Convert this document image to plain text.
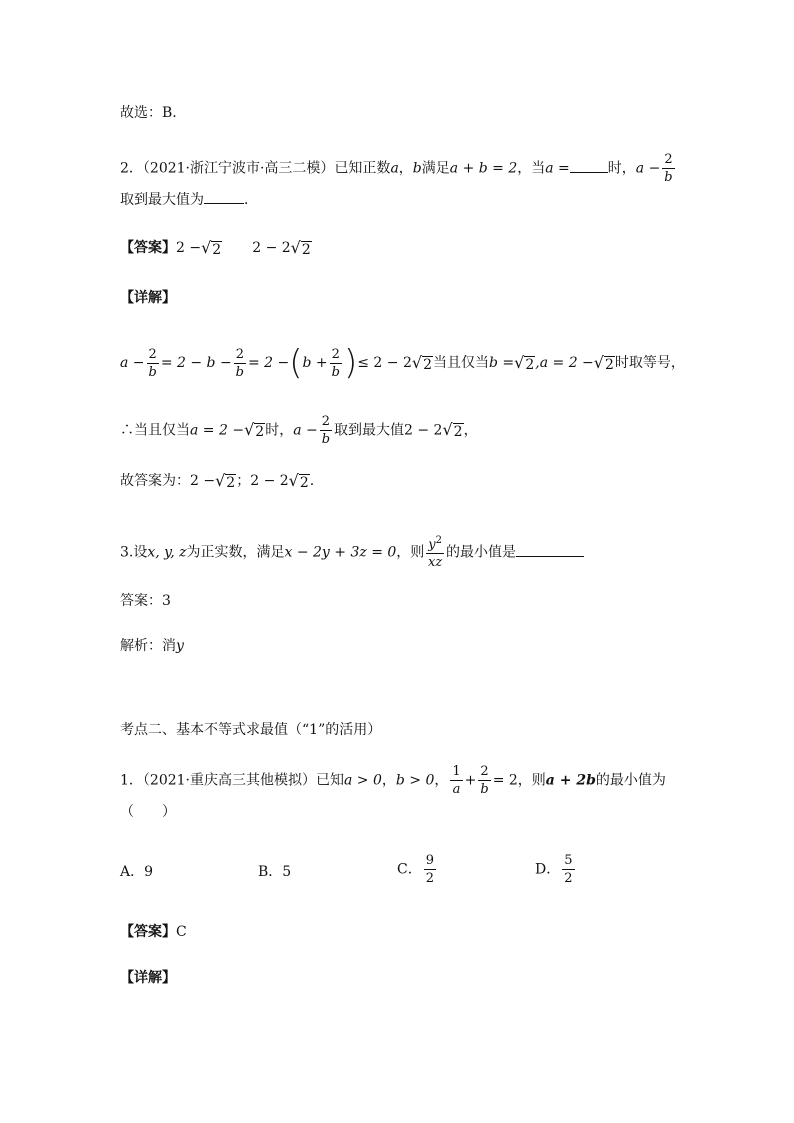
故选：B.
2．（2021·浙江宁波市·高三二模）已知正数a，b满足a + b = 2，当a =	时，$a - \frac{2}{b}$
取到最大值为	．
【答案】2 − √ 2 2 − 2 √ 2
【详解】
$a - \frac{2}{b} = 2 - b - \frac{2}{b} = 2 -(b + \frac{2}{b}$ )≤ 2 − 2 √ 2 当且仅当b = √ 2 ,a = 2 − √ 2 时取等号，
∴当且仅当a = 2 − √ 2 时，$a - \frac{2}{b}$ 取到最大值2 − 2 √ 2 ，
故答案为：2 − √ 2 ；2 − 2 √ 2 .
3.设x, y, z为正实数，满足x − 2y + 3z = 0，则 $\frac{y^2}{xz}$ 的最小值是
答案：3
解析：消y
考点二、基本不等式求最值（“1”的活用）
1．（2021·重庆高三其他模拟）已知a > 0，b > 0， $\frac{1}{a} + \frac{2}{b} = 2$，则a + 2b的最小值为
（　　）
A．9	B．5	C． $\frac{9}{2}$	D． $\frac{5}{2}$
【答案】C
【详解】
